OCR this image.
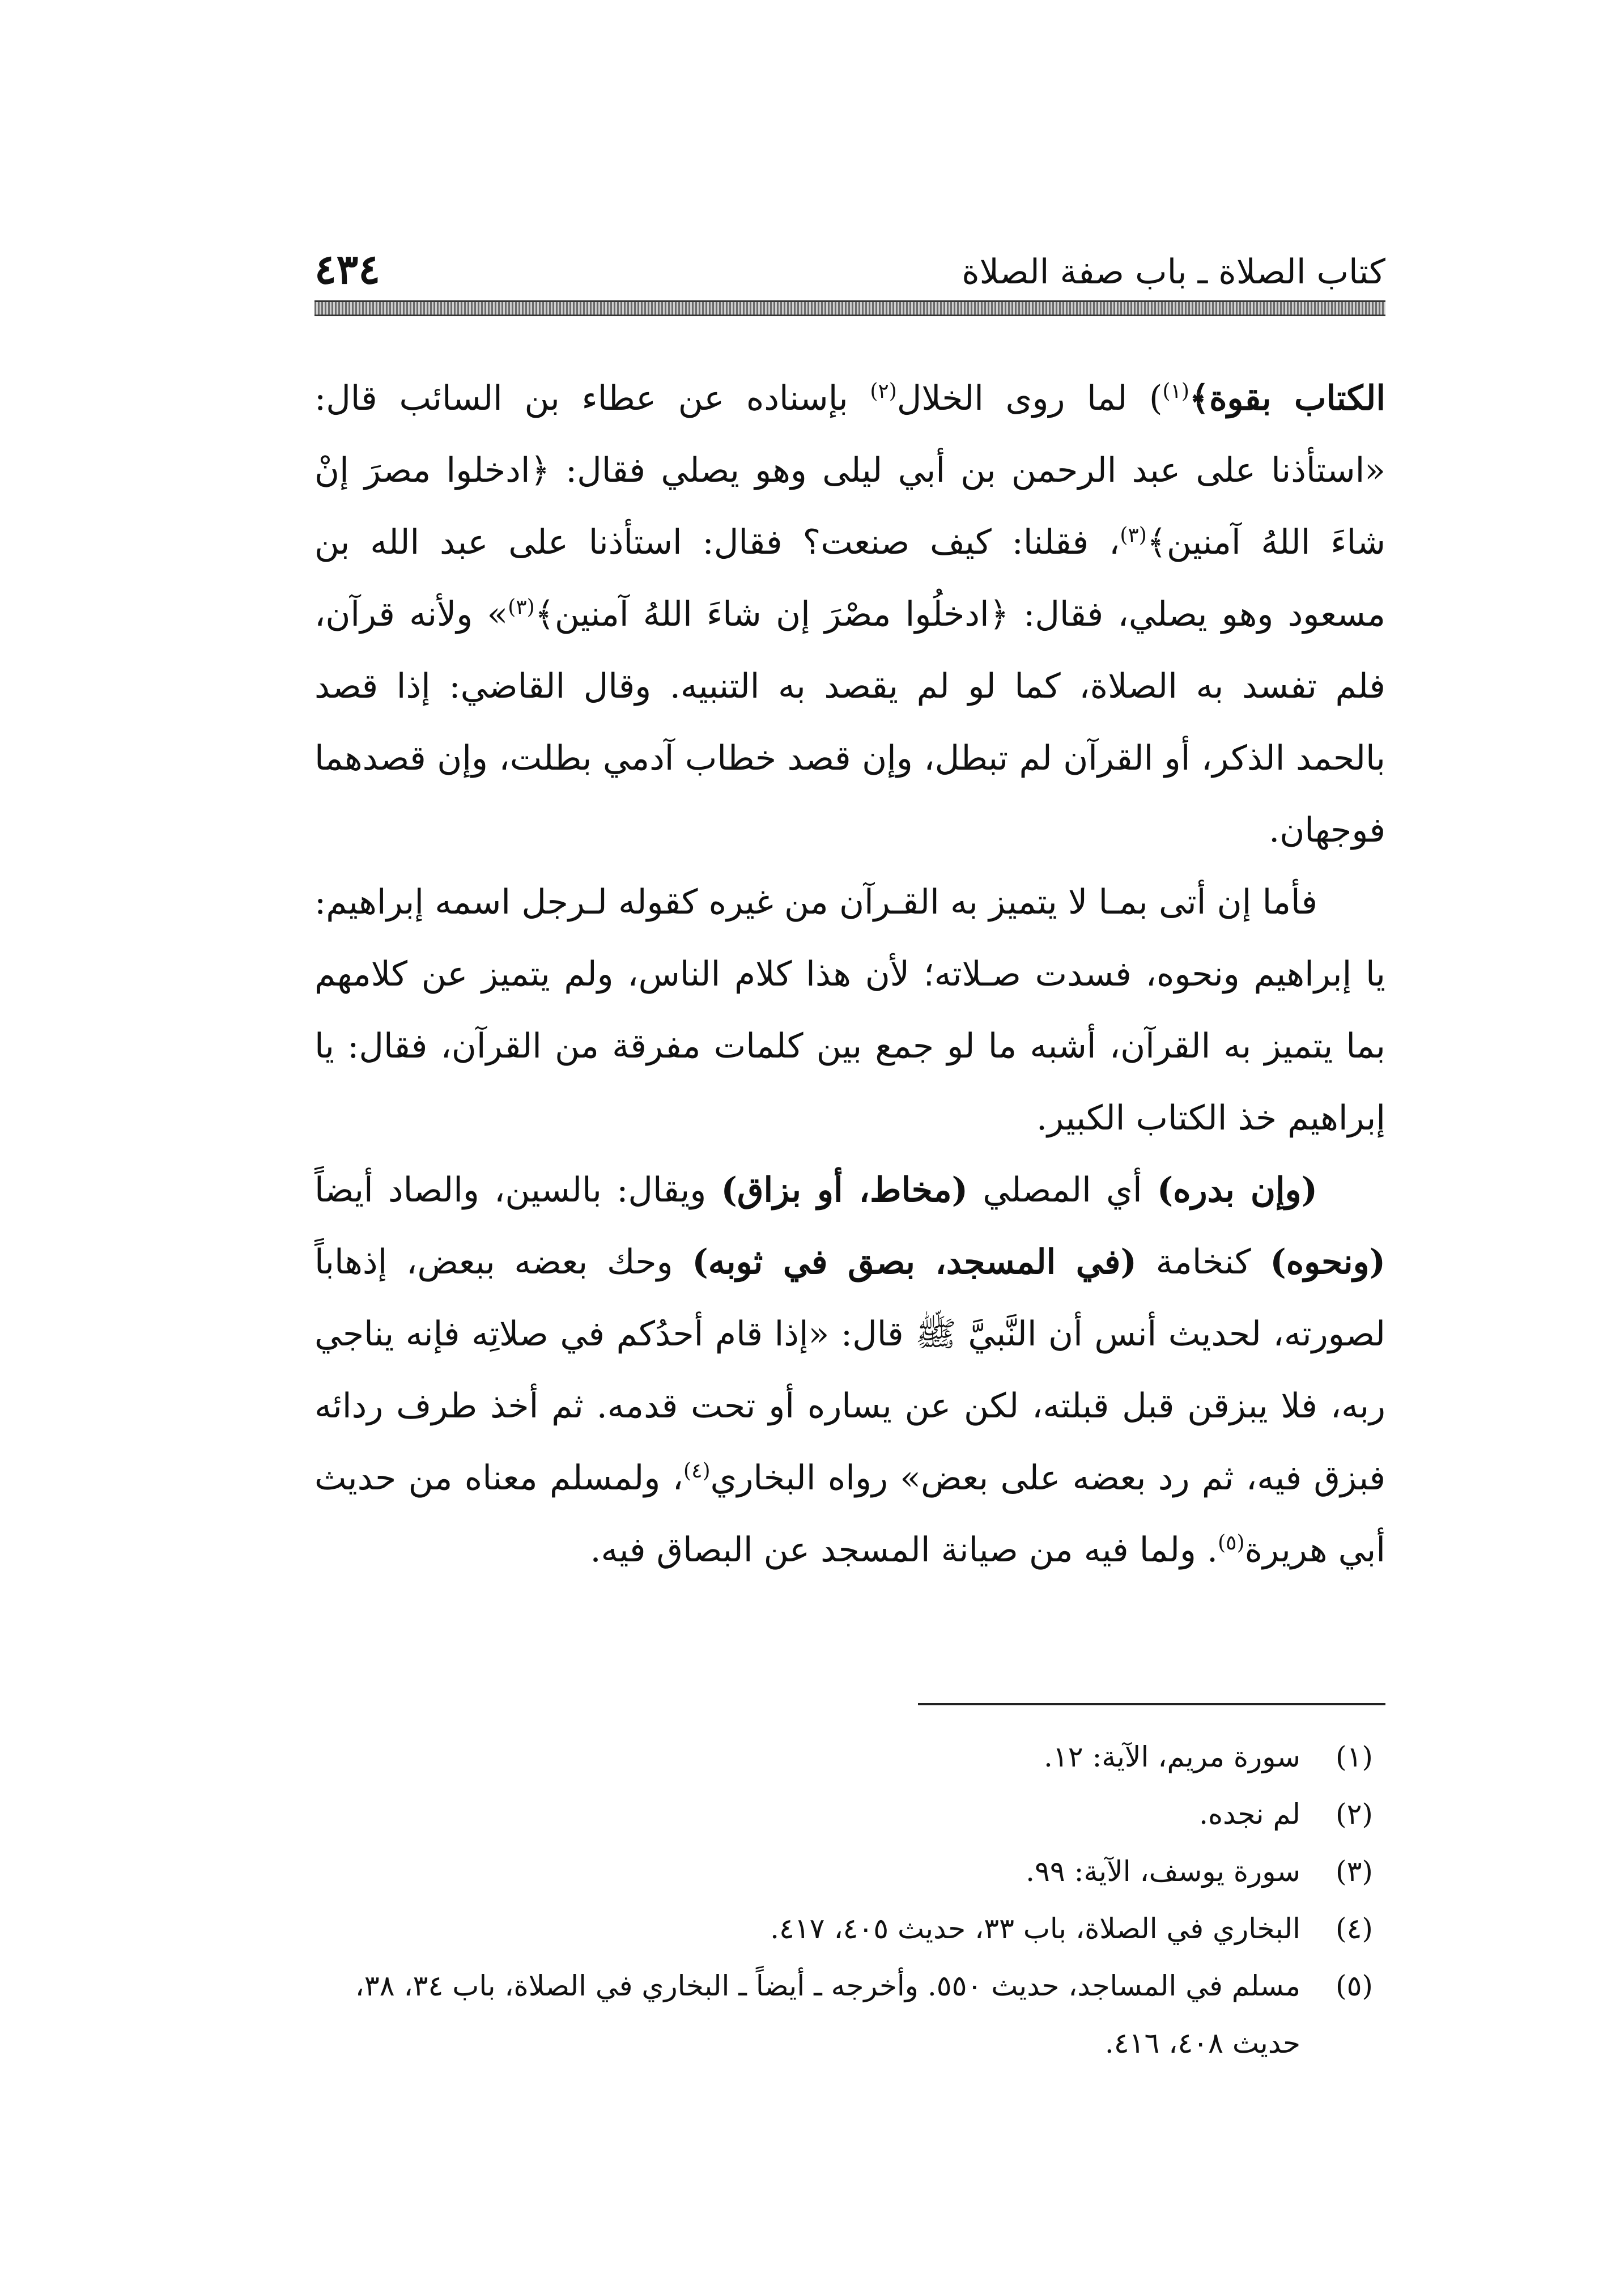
كتاب الصلاة ـ باب صفة الصلاة
٤٣٤

الكتاب بقوة﴾$^{(١)}$) لما روى الخلال$^{(٢)}$ بإسناده عن عطاء بن السائب قال: «استأذنا على عبد الرحمن بن أبي ليلى وهو يصلي فقال: ﴿ادخلوا مصرَ إنْ شاءَ اللهُ آمنين﴾$^{(٣)}$، فقلنا: كيف صنعت؟ فقال: استأذنا على عبد الله بن مسعود وهو يصلي، فقال: ﴿ادخلُوا مصْرَ إن شاءَ اللهُ آمنين﴾$^{(٣)}$» ولأنه قرآن، فلم تفسد به الصلاة، كما لو لم يقصد به التنبيه. وقال القاضي: إذا قصد بالحمد الذكر، أو القرآن لم تبطل، وإن قصد خطاب آدمي بطلت، وإن قصدهما فوجهان.

فأما إن أتى بمـا لا يتميز به القـرآن من غيره كقوله لـرجل اسمه إبراهيم: يا إبراهيم ونحوه، فسدت صـلاته؛ لأن هذا كلام الناس، ولم يتميز عن كلامهم بما يتميز به القرآن، أشبه ما لو جمع بين كلمات مفرقة من القرآن، فقال: يا إبراهيم خذ الكتاب الكبير.

(وإن بدره) أي المصلي (مخاط، أو بزاق) ويقال: بالسين، والصاد أيضاً (ونحوه) كنخامة (في المسجد، بصق في ثوبه) وحك بعضه ببعض، إذهاباً لصورته، لحديث أنس أن النَّبيَّ ﷺ قال: «إذا قام أحدُكم في صلاتِه فإنه يناجي ربه، فلا يبزقن قبل قبلته، لكن عن يساره أو تحت قدمه. ثم أخذ طرف ردائه فبزق فيه، ثم رد بعضه على بعض» رواه البخاري$^{(٤)}$، ولمسلم معناه من حديث أبي هريرة$^{(٥)}$. ولما فيه من صيانة المسجد عن البصاق فيه.

(١)
سورة مريم، الآية: ١٢.

(٢)
لم نجده.

(٣)
سورة يوسف، الآية: ٩٩.

(٤)
البخاري في الصلاة، باب ٣٣، حديث ٤٠٥، ٤١٧.

(٥)
مسلم في المساجد، حديث ٥٥٠. وأخرجه ـ أيضاً ـ البخاري في الصلاة، باب ٣٤، ٣٨، حديث ٤٠٨، ٤١٦.
